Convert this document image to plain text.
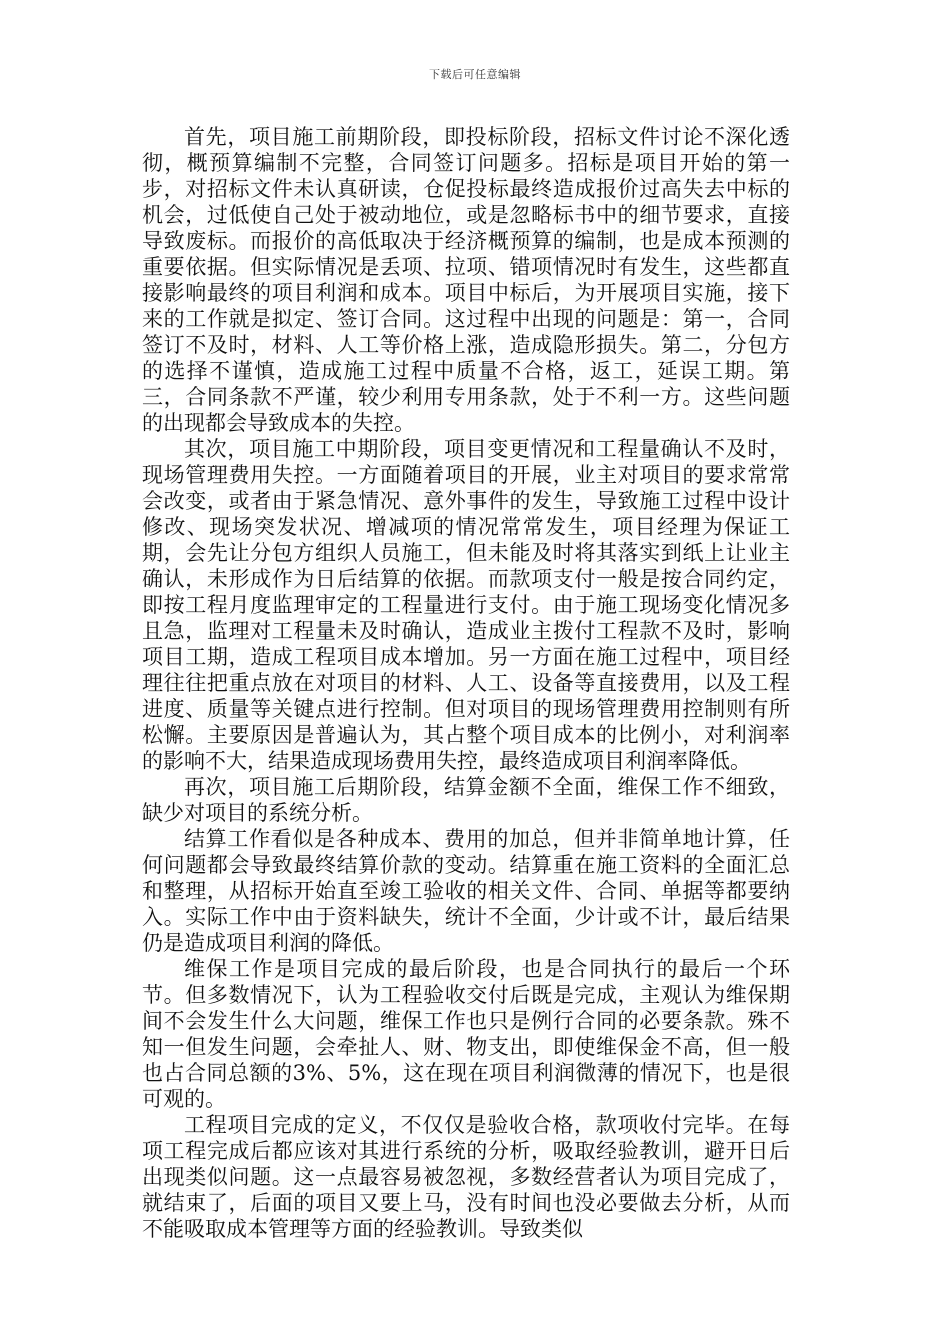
下载后可任意编辑

首先，项目施工前期阶段，即投标阶段，招标文件讨论不深化透彻，概预算编制不完整，合同签订问题多。招标是项目开始的第一步，对招标文件未认真研读，仓促投标最终造成报价过高失去中标的机会，过低使自己处于被动地位，或是忽略标书中的细节要求，直接导致废标。而报价的高低取决于经济概预算的编制，也是成本预测的重要依据。但实际情况是丢项、拉项、错项情况时有发生，这些都直接影响最终的项目利润和成本。项目中标后，为开展项目实施，接下来的工作就是拟定、签订合同。这过程中出现的问题是：第一，合同签订不及时，材料、人工等价格上涨，造成隐形损失。第二，分包方的选择不谨慎，造成施工过程中质量不合格，返工，延误工期。第三，合同条款不严谨，较少利用专用条款，处于不利一方。这些问题的出现都会导致成本的失控。

其次，项目施工中期阶段，项目变更情况和工程量确认不及时，现场管理费用失控。一方面随着项目的开展，业主对项目的要求常常会改变，或者由于紧急情况、意外事件的发生，导致施工过程中设计修改、现场突发状况、增减项的情况常常发生，项目经理为保证工期，会先让分包方组织人员施工，但未能及时将其落实到纸上让业主确认，未形成作为日后结算的依据。而款项支付一般是按合同约定，即按工程月度监理审定的工程量进行支付。由于施工现场变化情况多且急，监理对工程量未及时确认，造成业主拨付工程款不及时，影响项目工期，造成工程项目成本增加。另一方面在施工过程中，项目经理往往把重点放在对项目的材料、人工、设备等直接费用，以及工程进度、质量等关键点进行控制。但对项目的现场管理费用控制则有所松懈。主要原因是普遍认为，其占整个项目成本的比例小，对利润率的影响不大，结果造成现场费用失控，最终造成项目利润率降低。

再次，项目施工后期阶段，结算金额不全面，维保工作不细致，缺少对项目的系统分析。

结算工作看似是各种成本、费用的加总，但并非简单地计算，任何问题都会导致最终结算价款的变动。结算重在施工资料的全面汇总和整理，从招标开始直至竣工验收的相关文件、合同、单据等都要纳入。实际工作中由于资料缺失，统计不全面，少计或不计，最后结果仍是造成项目利润的降低。

维保工作是项目完成的最后阶段，也是合同执行的最后一个环节。但多数情况下，认为工程验收交付后既是完成，主观认为维保期间不会发生什么大问题，维保工作也只是例行合同的必要条款。殊不知一但发生问题，会牵扯人、财、物支出，即使维保金不高，但一般也占合同总额的3%、5%，这在现在项目利润微薄的情况下，也是很可观的。

工程项目完成的定义，不仅仅是验收合格，款项收付完毕。在每项工程完成后都应该对其进行系统的分析，吸取经验教训，避开日后出现类似问题。这一点最容易被忽视，多数经营者认为项目完成了，就结束了，后面的项目又要上马，没有时间也没必要做去分析，从而不能吸取成本管理等方面的经验教训。导致类似
